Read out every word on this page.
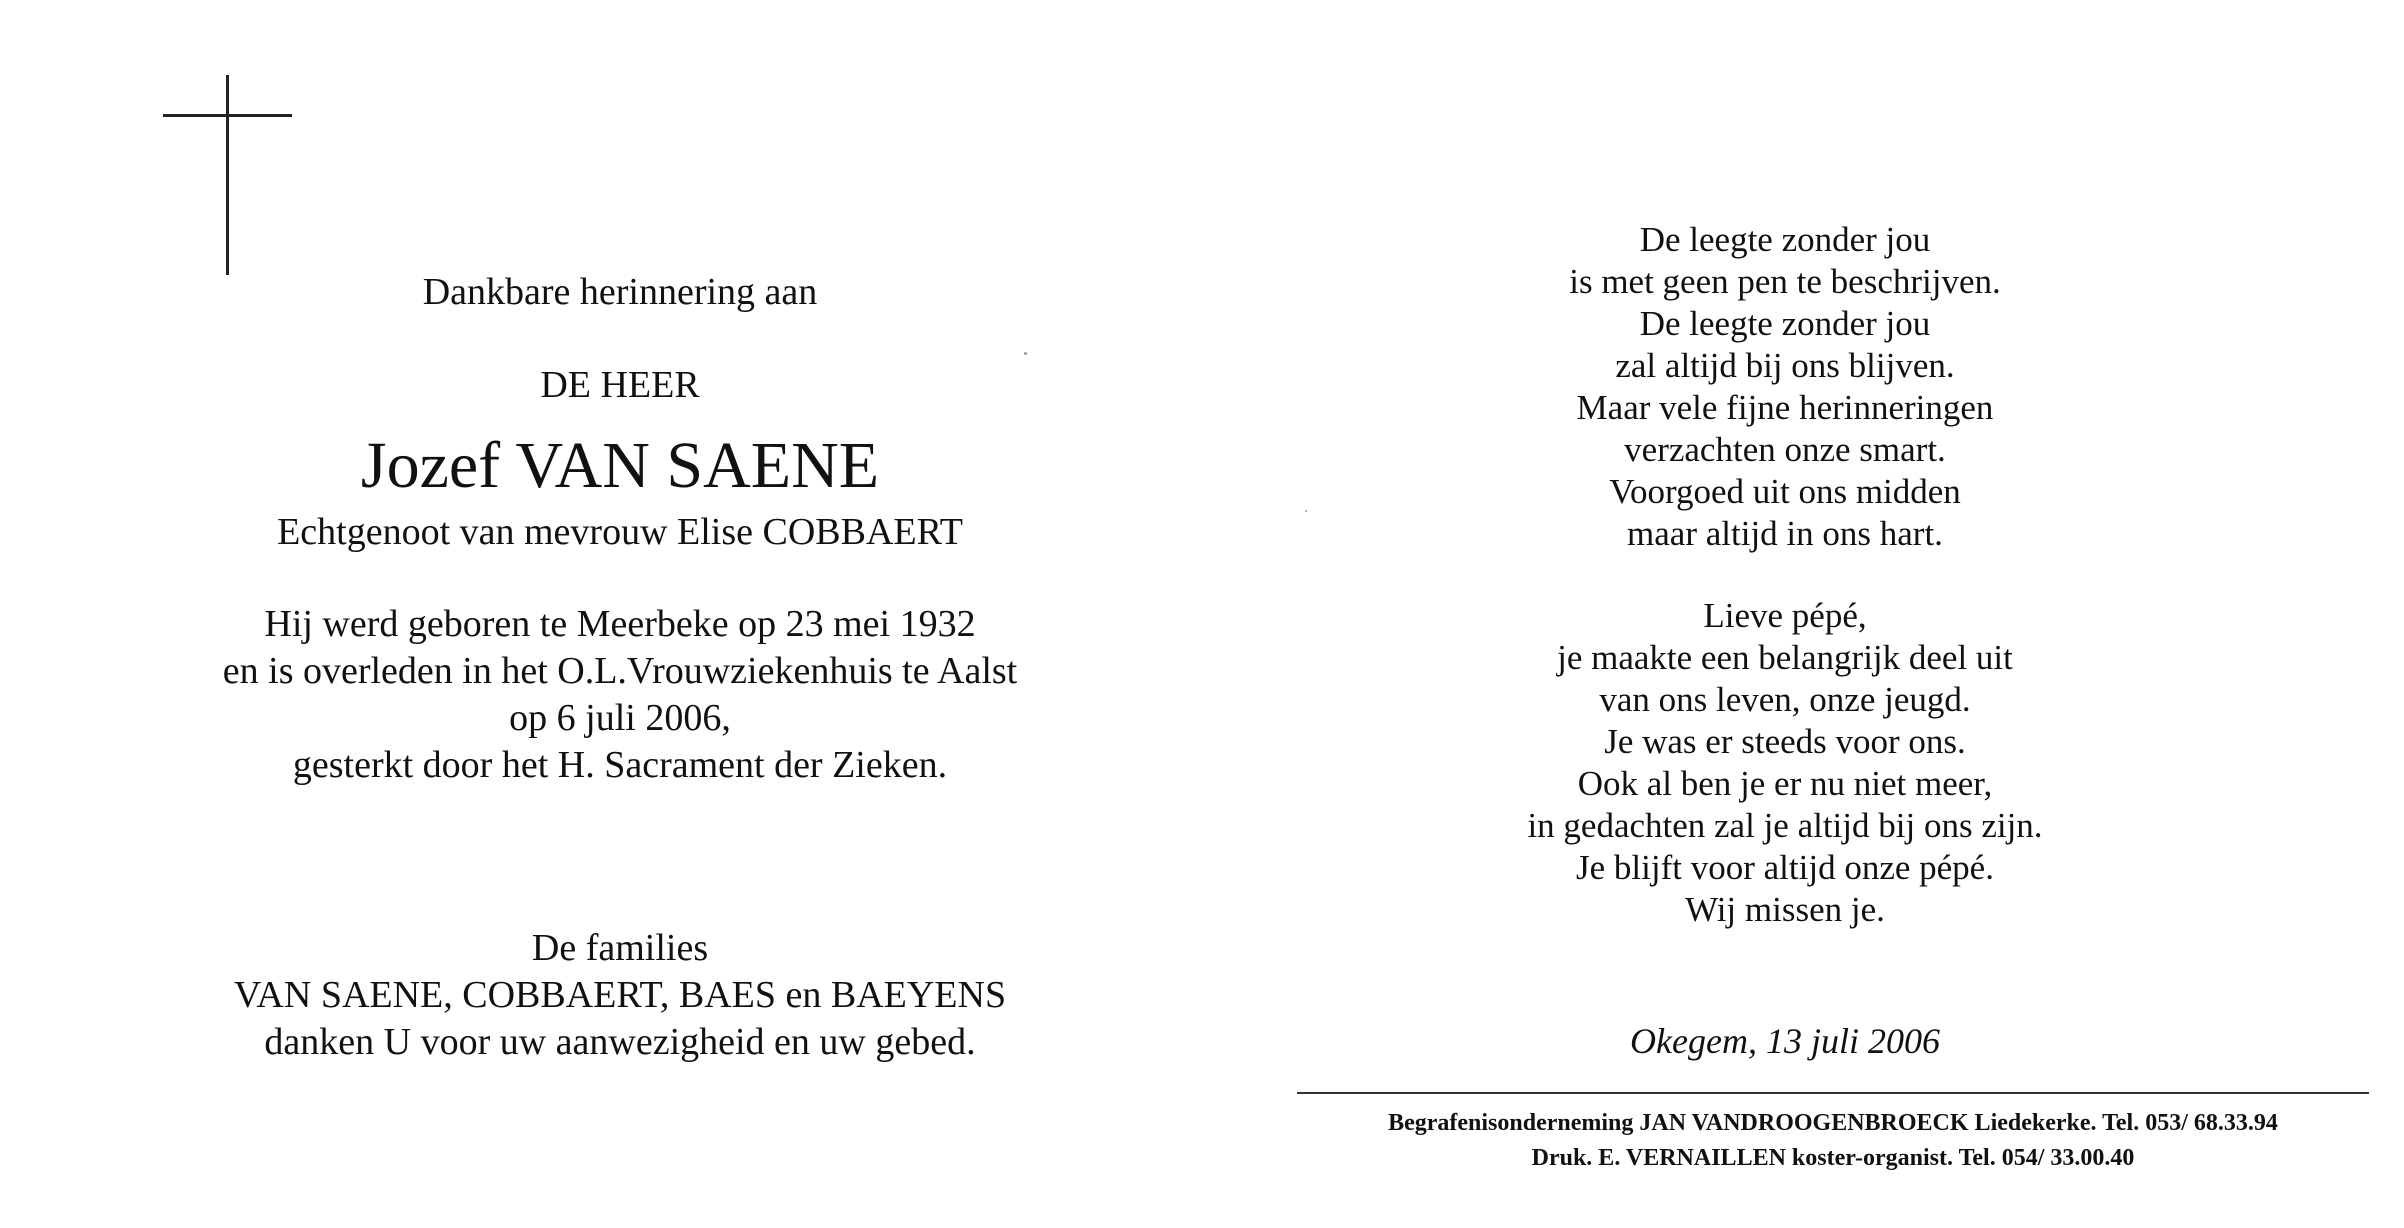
Dankbare herinnering aan
DE HEER
Jozef VAN SAENE
Echtgenoot van mevrouw Elise COBBAERT
Hij werd geboren te Meerbeke op 23 mei 1932
en is overleden in het O.L.Vrouwziekenhuis te Aalst
op 6 juli 2006,
gesterkt door het H. Sacrament der Zieken.
De families
VAN SAENE, COBBAERT, BAES en BAEYENS
danken U voor uw aanwezigheid en uw gebed.
De leegte zonder jou
is met geen pen te beschrijven.
De leegte zonder jou
zal altijd bij ons blijven.
Maar vele fijne herinneringen
verzachten onze smart.
Voorgoed uit ons midden
maar altijd in ons hart.
Lieve pépé,
je maakte een belangrijk deel uit
van ons leven, onze jeugd.
Je was er steeds voor ons.
Ook al ben je er nu niet meer,
in gedachten zal je altijd bij ons zijn.
Je blijft voor altijd onze pépé.
Wij missen je.
Okegem, 13 juli 2006
Begrafenisonderneming JAN VANDROOGENBROECK Liedekerke. Tel. 053/ 68.33.94
Druk. E. VERNAILLEN koster-organist. Tel. 054/ 33.00.40
